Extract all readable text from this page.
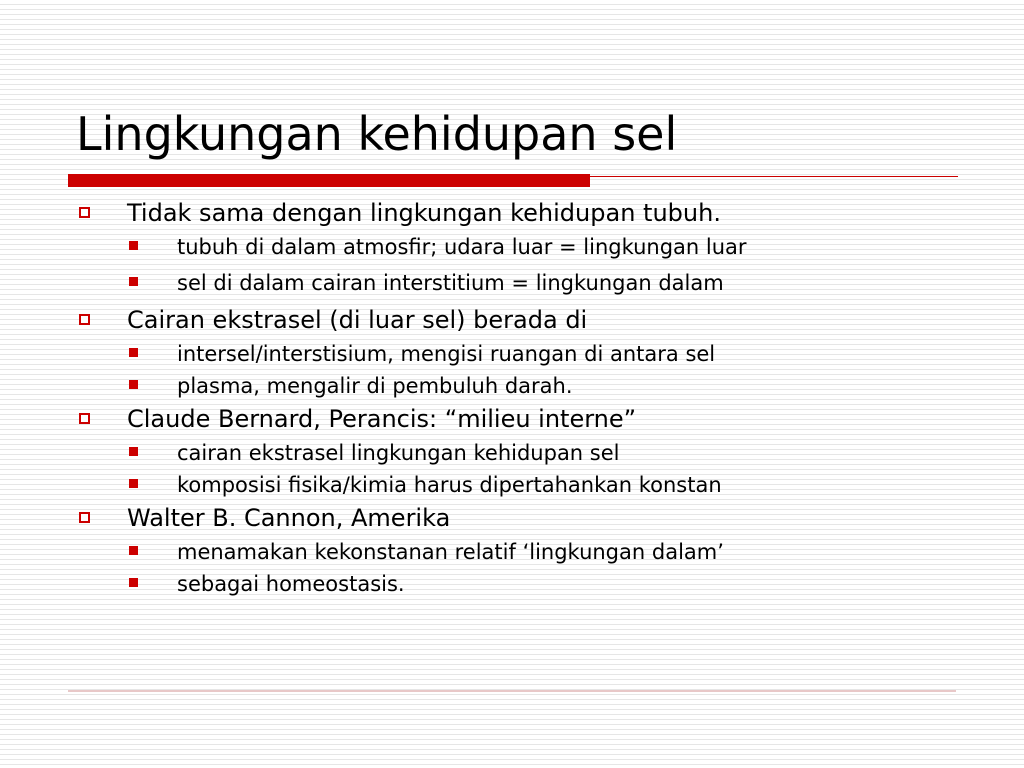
Lingkungan kehidupan sel
Tidak sama dengan lingkungan kehidupan tubuh.
tubuh di dalam atmosfir; udara luar = lingkungan luar
sel di dalam cairan interstitium = lingkungan dalam
Cairan ekstrasel (di luar sel) berada di
intersel/interstisium, mengisi ruangan di antara sel
plasma, mengalir di pembuluh darah.
Claude Bernard, Perancis: “milieu interne”
cairan ekstrasel lingkungan kehidupan sel
komposisi fisika/kimia harus dipertahankan konstan
Walter B. Cannon, Amerika
menamakan kekonstanan relatif ‘lingkungan dalam’
sebagai homeostasis.
